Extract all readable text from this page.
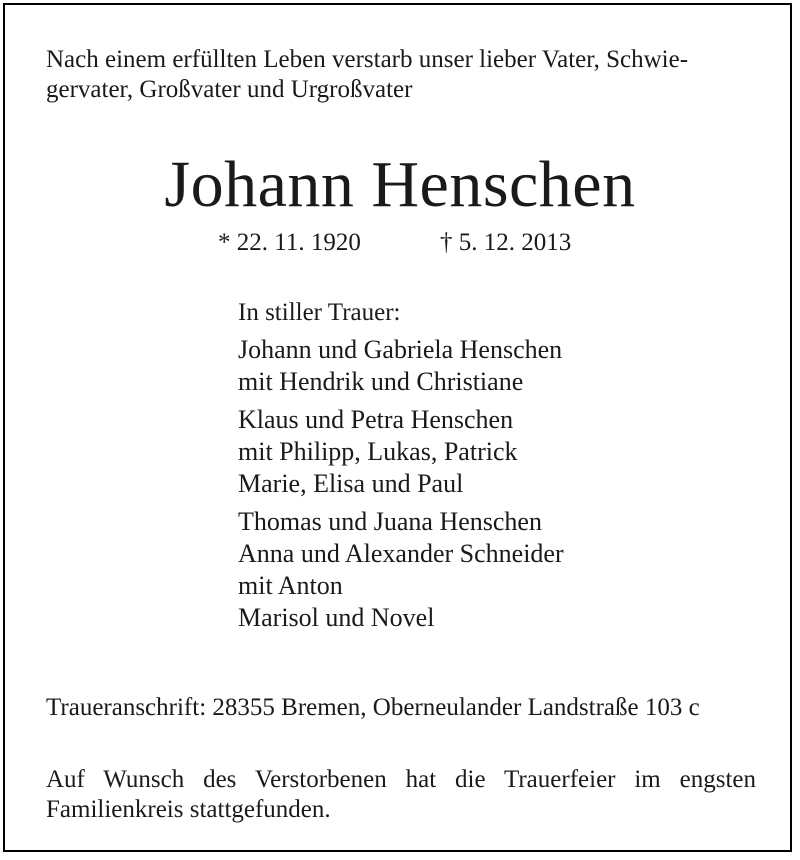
Nach einem erfüllten Leben verstarb unser lieber Vater, Schwie-
gervater, Großvater und Urgroßvater
Johann Henschen
* 22. 11. 1920	† 5. 12. 2013
In stiller Trauer:
Johann und Gabriela Henschen
mit Hendrik und Christiane
Klaus und Petra Henschen
mit Philipp, Lukas, Patrick
Marie, Elisa und Paul
Thomas und Juana Henschen
Anna und Alexander Schneider
mit Anton
Marisol und Novel
Traueranschrift: 28355 Bremen, Oberneulander Landstraße 103 c
Auf Wunsch des Verstorbenen hat die Trauerfeier im engsten
Familienkreis stattgefunden.
